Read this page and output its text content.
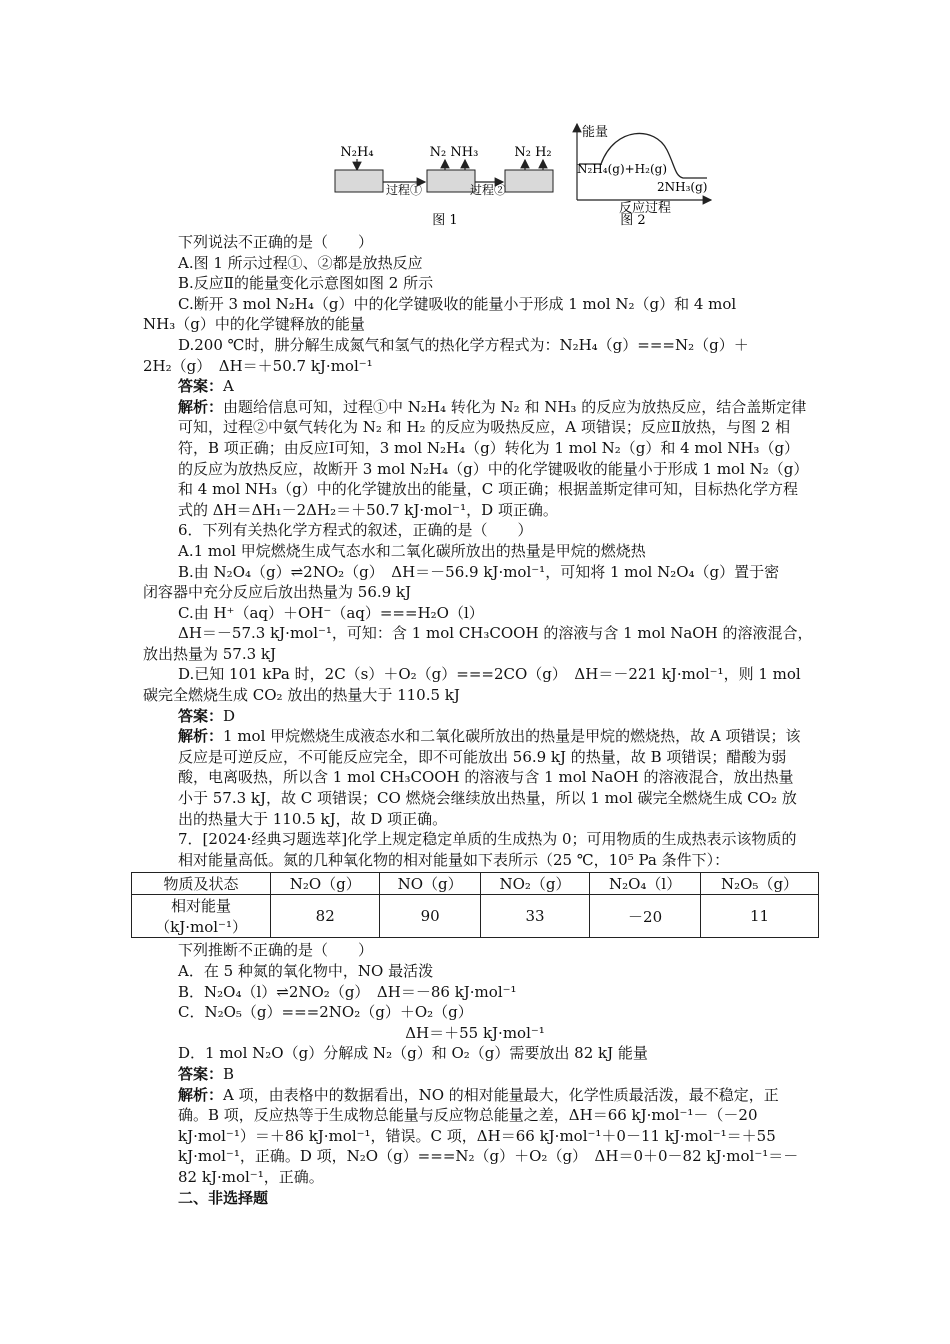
N₂H₄	N₂ NH₃	N₂ H₂
过程①	过程②
图 1
能量
N₂H₄(g)+H₂(g)
2NH₃(g)
反应过程
图 2
下列说法不正确的是（　　）
A.图 1 所示过程①、②都是放热反应
B.反应Ⅱ的能量变化示意图如图 2 所示
C.断开 3 mol N₂H₄（g）中的化学键吸收的能量小于形成 1 mol N₂（g）和 4 mol
NH₃（g）中的化学键释放的能量
D.200 ℃时，肼分解生成氮气和氢气的热化学方程式为：N₂H₄（g）===N₂（g）＋
2H₂（g）　ΔH＝＋50.7 kJ·mol⁻¹
答案：A
解析：由题给信息可知，过程①中 N₂H₄ 转化为 N₂ 和 NH₃ 的反应为放热反应，结合盖斯定律可知，过程②中氨气转化为 N₂ 和 H₂ 的反应为吸热反应，A 项错误；反应Ⅱ放热，与图 2 相符，B 项正确；由反应Ⅰ可知，3 mol N₂H₄（g）转化为 1 mol N₂（g）和 4 mol NH₃（g）的反应为放热反应，故断开 3 mol N₂H₄（g）中的化学键吸收的能量小于形成 1 mol N₂（g）和 4 mol NH₃（g）中的化学键放出的能量，C 项正确；根据盖斯定律可知，目标热化学方程式的 ΔH＝ΔH₁－2ΔH₂＝＋50.7 kJ·mol⁻¹，D 项正确。
6．下列有关热化学方程式的叙述，正确的是（　　）
A.1 mol 甲烷燃烧生成气态水和二氧化碳所放出的热量是甲烷的燃烧热
B.由 N₂O₄（g）⇌2NO₂（g）　ΔH＝－56.9 kJ·mol⁻¹，可知将 1 mol N₂O₄（g）置于密
闭容器中充分反应后放出热量为 56.9 kJ
C.由 H⁺（aq）＋OH⁻（aq）===H₂O（l）
ΔH＝－57.3 kJ·mol⁻¹，可知：含 1 mol CH₃COOH 的溶液与含 1 mol NaOH 的溶液混合，
放出热量为 57.3 kJ
D.已知 101 kPa 时，2C（s）＋O₂（g）===2CO（g）　ΔH＝－221 kJ·mol⁻¹，则 1 mol
碳完全燃烧生成 CO₂ 放出的热量大于 110.5 kJ
答案：D
解析：1 mol 甲烷燃烧生成液态水和二氧化碳所放出的热量是甲烷的燃烧热，故 A 项错误；该反应是可逆反应，不可能反应完全，即不可能放出 56.9 kJ 的热量，故 B 项错误；醋酸为弱酸，电离吸热，所以含 1 mol CH₃COOH 的溶液与含 1 mol NaOH 的溶液混合，放出热量小于 57.3 kJ，故 C 项错误；CO 燃烧会继续放出热量，所以 1 mol 碳完全燃烧生成 CO₂ 放出的热量大于 110.5 kJ，故 D 项正确。
7．[2024·经典习题选萃]化学上规定稳定单质的生成热为 0；可用物质的生成热表示该物质的相对能量高低。氮的几种氧化物的相对能量如下表所示（25 ℃，10⁵ Pa 条件下）：
物质及状态	N₂O（g）	NO（g）	NO₂（g）	N₂O₄（l）	N₂O₅（g）

相对能量
（kJ·mol⁻¹）	82	90	33	－20	11
下列推断不正确的是（　　）
A．在 5 种氮的氧化物中，NO 最活泼
B．N₂O₄（l）⇌2NO₂（g）　ΔH＝－86 kJ·mol⁻¹
C．N₂O₅（g）===2NO₂（g）＋O₂（g）
ΔH＝＋55 kJ·mol⁻¹
D．1 mol N₂O（g）分解成 N₂（g）和 O₂（g）需要放出 82 kJ 能量
答案：B
解析：A 项，由表格中的数据看出，NO 的相对能量最大，化学性质最活泼，最不稳定，正确。B 项，反应热等于生成物总能量与反应物总能量之差，ΔH＝66 kJ·mol⁻¹－（－20 kJ·mol⁻¹）＝＋86 kJ·mol⁻¹，错误。C 项，ΔH＝66 kJ·mol⁻¹＋0－11 kJ·mol⁻¹＝＋55 kJ·mol⁻¹，正确。D 项，N₂O（g）===N₂（g）＋O₂（g）　ΔH＝0＋0－82 kJ·mol⁻¹＝－82 kJ·mol⁻¹，正确。
二、非选择题
